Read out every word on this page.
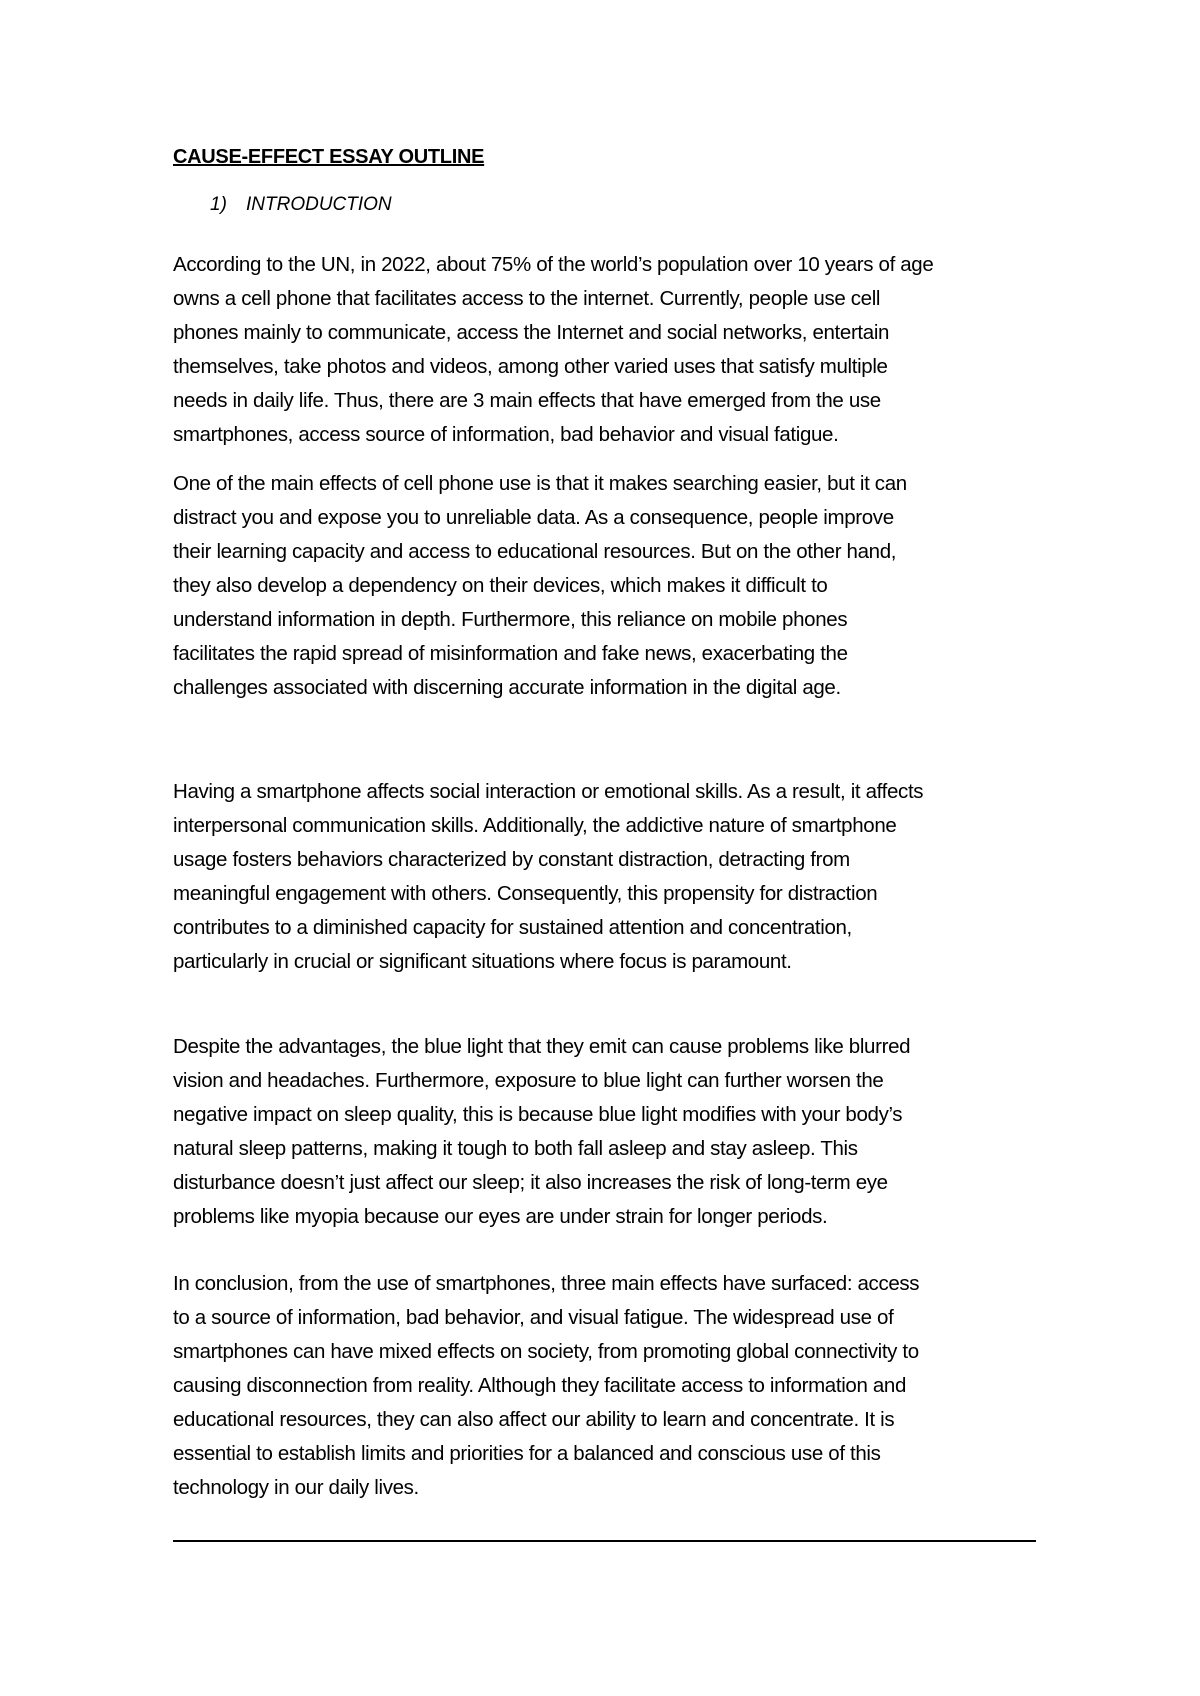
CAUSE-EFFECT ESSAY OUTLINE
1) INTRODUCTION
According to the UN, in 2022, about 75% of the world’s population over 10 years of age
owns a cell phone that facilitates access to the internet. Currently, people use cell
phones mainly to communicate, access the Internet and social networks, entertain
themselves, take photos and videos, among other varied uses that satisfy multiple
needs in daily life. Thus, there are 3 main effects that have emerged from the use
smartphones, access source of information, bad behavior and visual fatigue.
One of the main effects of cell phone use is that it makes searching easier, but it can
distract you and expose you to unreliable data. As a consequence, people improve
their learning capacity and access to educational resources. But on the other hand,
they also develop a dependency on their devices, which makes it difficult to
understand information in depth. Furthermore, this reliance on mobile phones
facilitates the rapid spread of misinformation and fake news, exacerbating the
challenges associated with discerning accurate information in the digital age.
Having a smartphone affects social interaction or emotional skills. As a result, it affects
interpersonal communication skills. Additionally, the addictive nature of smartphone
usage fosters behaviors characterized by constant distraction, detracting from
meaningful engagement with others. Consequently, this propensity for distraction
contributes to a diminished capacity for sustained attention and concentration,
particularly in crucial or significant situations where focus is paramount.
Despite the advantages, the blue light that they emit can cause problems like blurred
vision and headaches. Furthermore, exposure to blue light can further worsen the
negative impact on sleep quality, this is because blue light modifies with your body’s
natural sleep patterns, making it tough to both fall asleep and stay asleep. This
disturbance doesn’t just affect our sleep; it also increases the risk of long-term eye
problems like myopia because our eyes are under strain for longer periods.
In conclusion, from the use of smartphones, three main effects have surfaced: access
to a source of information, bad behavior, and visual fatigue. The widespread use of
smartphones can have mixed effects on society, from promoting global connectivity to
causing disconnection from reality. Although they facilitate access to information and
educational resources, they can also affect our ability to learn and concentrate. It is
essential to establish limits and priorities for a balanced and conscious use of this
technology in our daily lives.
